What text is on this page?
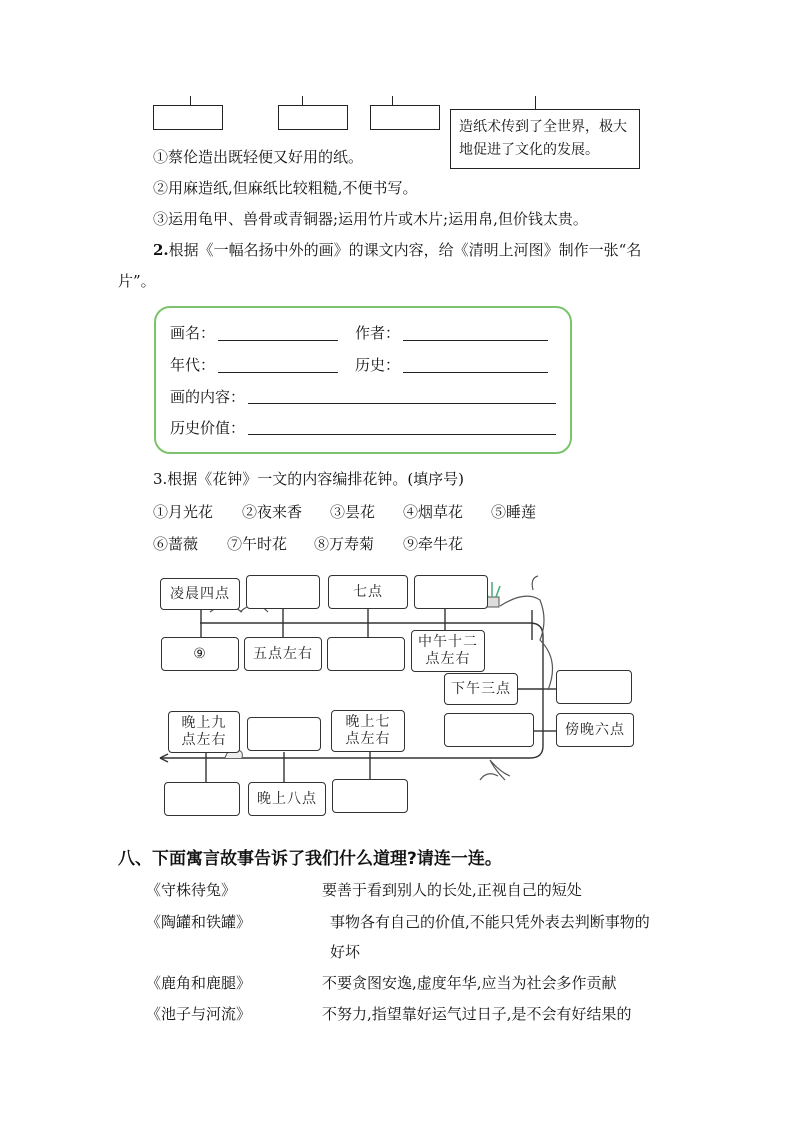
造纸术传到了全世界，极大地促进了文化的发展。
①蔡伦造出既轻便又好用的纸。
②用麻造纸,但麻纸比较粗糙,不便书写。
③运用龟甲、兽骨或青铜器;运用竹片或木片;运用帛,但价钱太贵。
2.根据《一幅名扬中外的画》的课文内容，给《清明上河图》制作一张“名
片”。
画名：	作者：
年代：	历史：
画的内容：
历史价值：
3.根据《花钟》一文的内容编排花钟。(填序号)
①月光花 ②夜来香 ③昙花 ④烟草花 ⑤睡莲
⑥蔷薇 ⑦午时花 ⑧万寿菊 ⑨牵牛花
凌晨四点	七点
⑨	五点左右
中午十二
点左右
下午三点
晚上九
点左右
晚上七
点左右
傍晚六点
晚上八点
八、下面寓言故事告诉了我们什么道理?请连一连。
《守株待兔》	要善于看到别人的长处,正视自己的短处
《陶罐和铁罐》	事物各有自己的价值,不能只凭外表去判断事物的
好坏
《鹿角和鹿腿》	不要贪图安逸,虚度年华,应当为社会多作贡献
《池子与河流》	不努力,指望靠好运气过日子,是不会有好结果的
